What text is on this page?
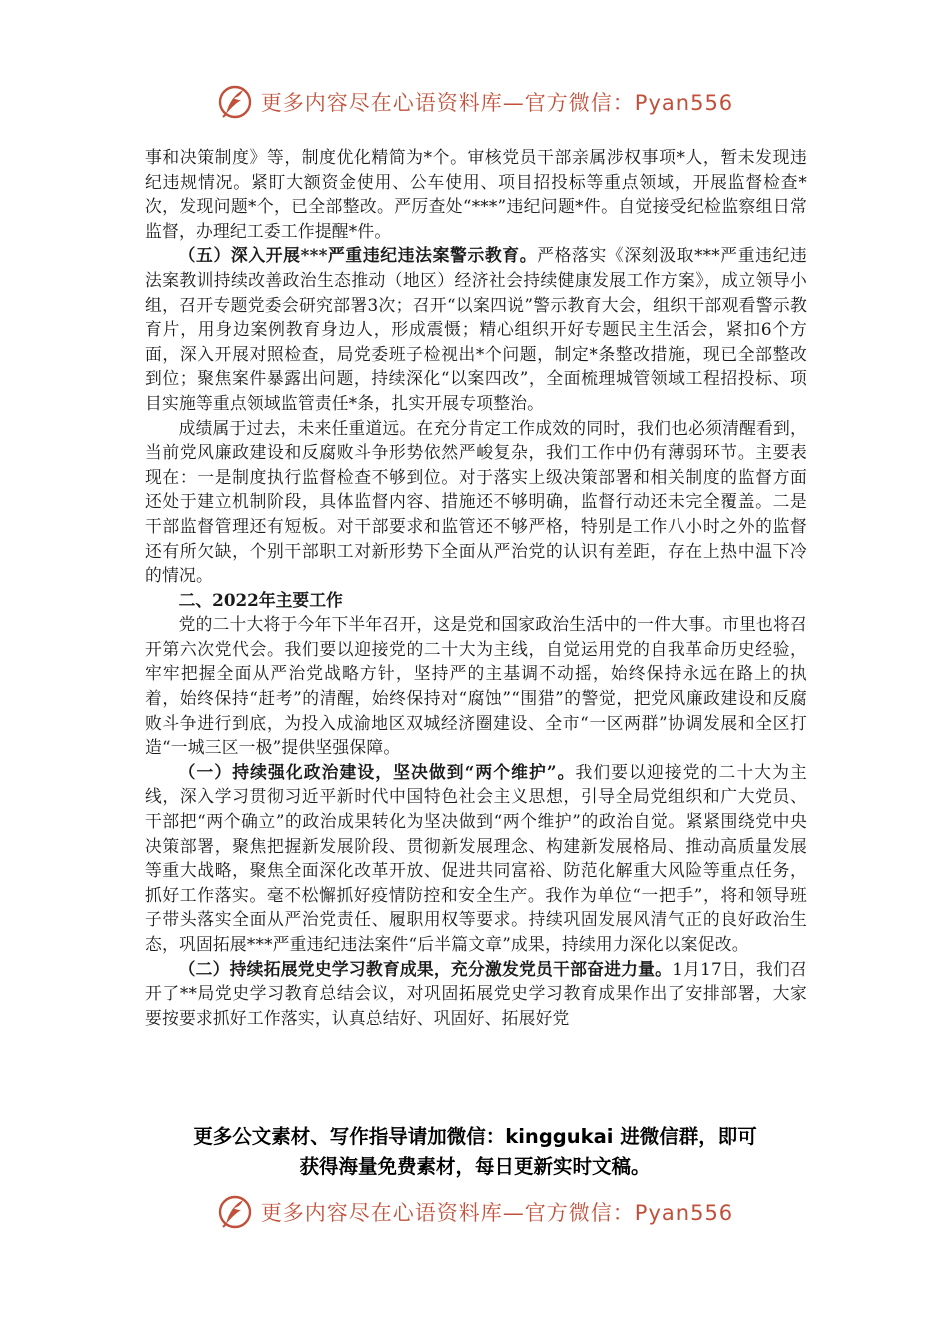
更多内容尽在心语资料库—官方微信：Pyan556

事和决策制度》等，制度优化精简为*个。审核党员干部亲属涉权事项*人，暂未发现违纪违规情况。紧盯大额资金使用、公车使用、项目招投标等重点领域，开展监督检查*次，发现问题*个，已全部整改。严厉查处“***”违纪问题*件。自觉接受纪检监察组日常监督，办理纪工委工作提醒*件。

（五）深入开展***严重违纪违法案警示教育。严格落实《深刻汲取***严重违纪违法案教训持续改善政治生态推动（地区）经济社会持续健康发展工作方案》，成立领导小组，召开专题党委会研究部署3次；召开“以案四说”警示教育大会，组织干部观看警示教育片，用身边案例教育身边人，形成震慑；精心组织开好专题民主生活会，紧扣6个方面，深入开展对照检查，局党委班子检视出*个问题，制定*条整改措施，现已全部整改到位；聚焦案件暴露出问题，持续深化“以案四改”，全面梳理城管领域工程招投标、项目实施等重点领域监管责任*条，扎实开展专项整治。

成绩属于过去，未来任重道远。在充分肯定工作成效的同时，我们也必须清醒看到，当前党风廉政建设和反腐败斗争形势依然严峻复杂，我们工作中仍有薄弱环节。主要表现在：一是制度执行监督检查不够到位。对于落实上级决策部署和相关制度的监督方面还处于建立机制阶段，具体监督内容、措施还不够明确，监督行动还未完全覆盖。二是干部监督管理还有短板。对干部要求和监管还不够严格，特别是工作八小时之外的监督还有所欠缺，个别干部职工对新形势下全面从严治党的认识有差距，存在上热中温下冷的情况。

二、2022年主要工作

党的二十大将于今年下半年召开，这是党和国家政治生活中的一件大事。市里也将召开第六次党代会。我们要以迎接党的二十大为主线，自觉运用党的自我革命历史经验，牢牢把握全面从严治党战略方针，坚持严的主基调不动摇，始终保持永远在路上的执着，始终保持“赶考”的清醒，始终保持对“腐蚀”“围猎”的警觉，把党风廉政建设和反腐败斗争进行到底，为投入成渝地区双城经济圈建设、全市“一区两群”协调发展和全区打造“一城三区一极”提供坚强保障。

（一）持续强化政治建设，坚决做到“两个维护”。我们要以迎接党的二十大为主线，深入学习贯彻习近平新时代中国特色社会主义思想，引导全局党组织和广大党员、干部把“两个确立”的政治成果转化为坚决做到“两个维护”的政治自觉。紧紧围绕党中央决策部署，聚焦把握新发展阶段、贯彻新发展理念、构建新发展格局、推动高质量发展等重大战略，聚焦全面深化改革开放、促进共同富裕、防范化解重大风险等重点任务，抓好工作落实。毫不松懈抓好疫情防控和安全生产。我作为单位“一把手”，将和领导班子带头落实全面从严治党责任、履职用权等要求。持续巩固发展风清气正的良好政治生态，巩固拓展***严重违纪违法案件“后半篇文章”成果，持续用力深化以案促改。

（二）持续拓展党史学习教育成果，充分激发党员干部奋进力量。1月17日，我们召开了**局党史学习教育总结会议，对巩固拓展党史学习教育成果作出了安排部署，大家要按要求抓好工作落实，认真总结好、巩固好、拓展好党

更多公文素材、写作指导请加微信：kinggukai 进微信群，即可
获得海量免费素材，每日更新实时文稿。
更多内容尽在心语资料库—官方微信：Pyan556
